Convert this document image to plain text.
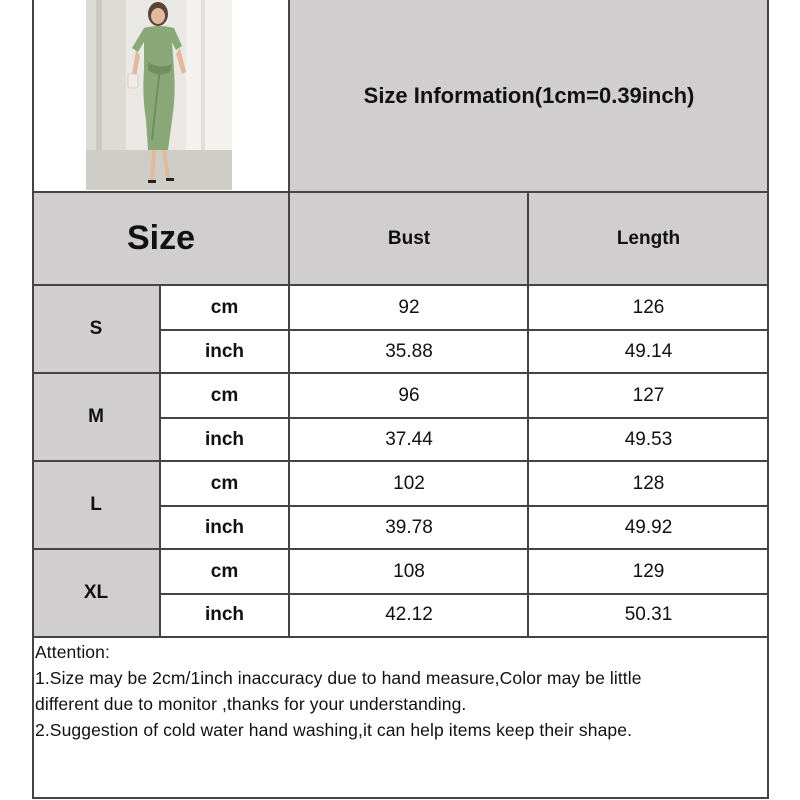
Size Information(1cm=0.39inch)
Size	Bust	Length
S
cm	92	126
inch	35.88	49.14
M
cm	96	127
inch	37.44	49.53
L
cm	102	128
inch	39.78	49.92
XL
cm	108	129
inch	42.12	50.31
Attention:
1.Size may be 2cm/1inch inaccuracy due to hand measure,Color may be little
different due to monitor ,thanks for your understanding.
2.Suggestion of cold water hand washing,it can help items keep their shape.
